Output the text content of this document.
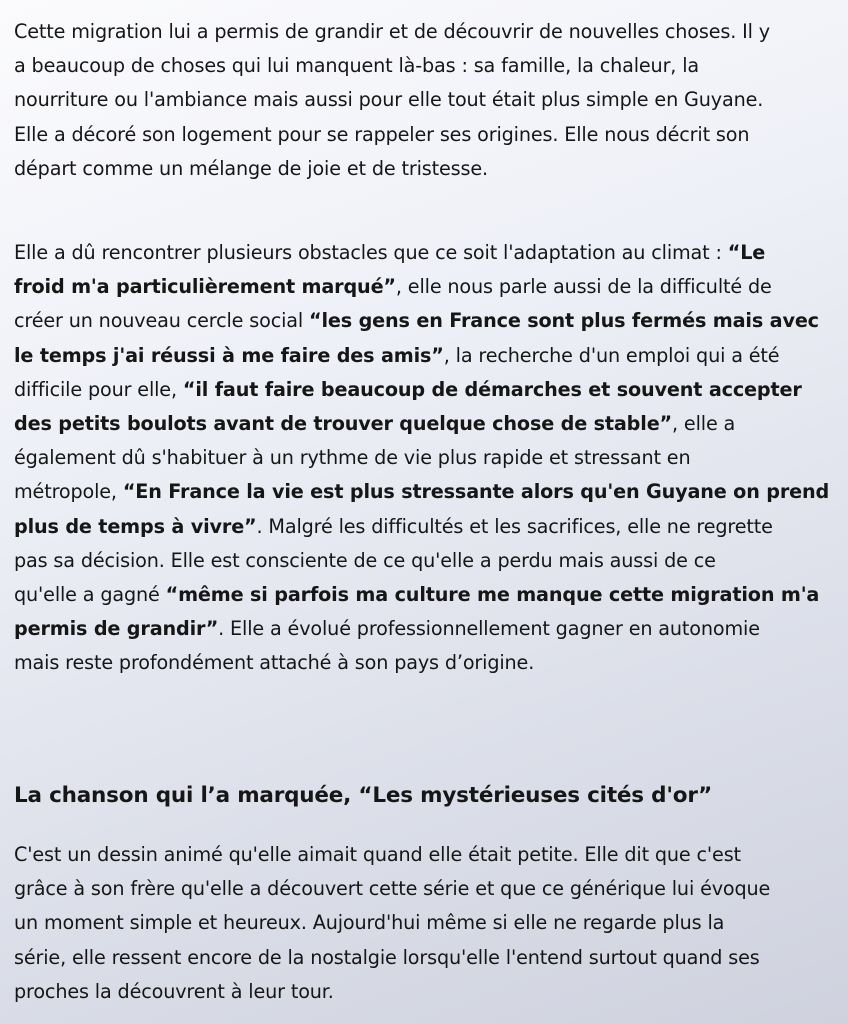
Cette migration lui a permis de grandir et de découvrir de nouvelles choses. Il y
a beaucoup de choses qui lui manquent là-bas : sa famille, la chaleur, la
nourriture ou l'ambiance mais aussi pour elle tout était plus simple en Guyane.
Elle a décoré son logement pour se rappeler ses origines. Elle nous décrit son
départ comme un mélange de joie et de tristesse.

Elle a dû rencontrer plusieurs obstacles que ce soit l'adaptation au climat : “Le
froid m'a particulièrement marqué”, elle nous parle aussi de la difficulté de
créer un nouveau cercle social “les gens en France sont plus fermés mais avec
le temps j'ai réussi à me faire des amis”, la recherche d'un emploi qui a été
difficile pour elle, “il faut faire beaucoup de démarches et souvent accepter
des petits boulots avant de trouver quelque chose de stable”, elle a
également dû s'habituer à un rythme de vie plus rapide et stressant en
métropole, “En France la vie est plus stressante alors qu'en Guyane on prend
plus de temps à vivre”. Malgré les difficultés et les sacrifices, elle ne regrette
pas sa décision. Elle est consciente de ce qu'elle a perdu mais aussi de ce
qu'elle a gagné “même si parfois ma culture me manque cette migration m'a
permis de grandir”. Elle a évolué professionnellement gagner en autonomie
mais reste profondément attaché à son pays d’origine.

La chanson qui l’a marquée, “Les mystérieuses cités d'or”

C'est un dessin animé qu'elle aimait quand elle était petite. Elle dit que c'est
grâce à son frère qu'elle a découvert cette série et que ce générique lui évoque
un moment simple et heureux. Aujourd'hui même si elle ne regarde plus la
série, elle ressent encore de la nostalgie lorsqu'elle l'entend surtout quand ses
proches la découvrent à leur tour.
